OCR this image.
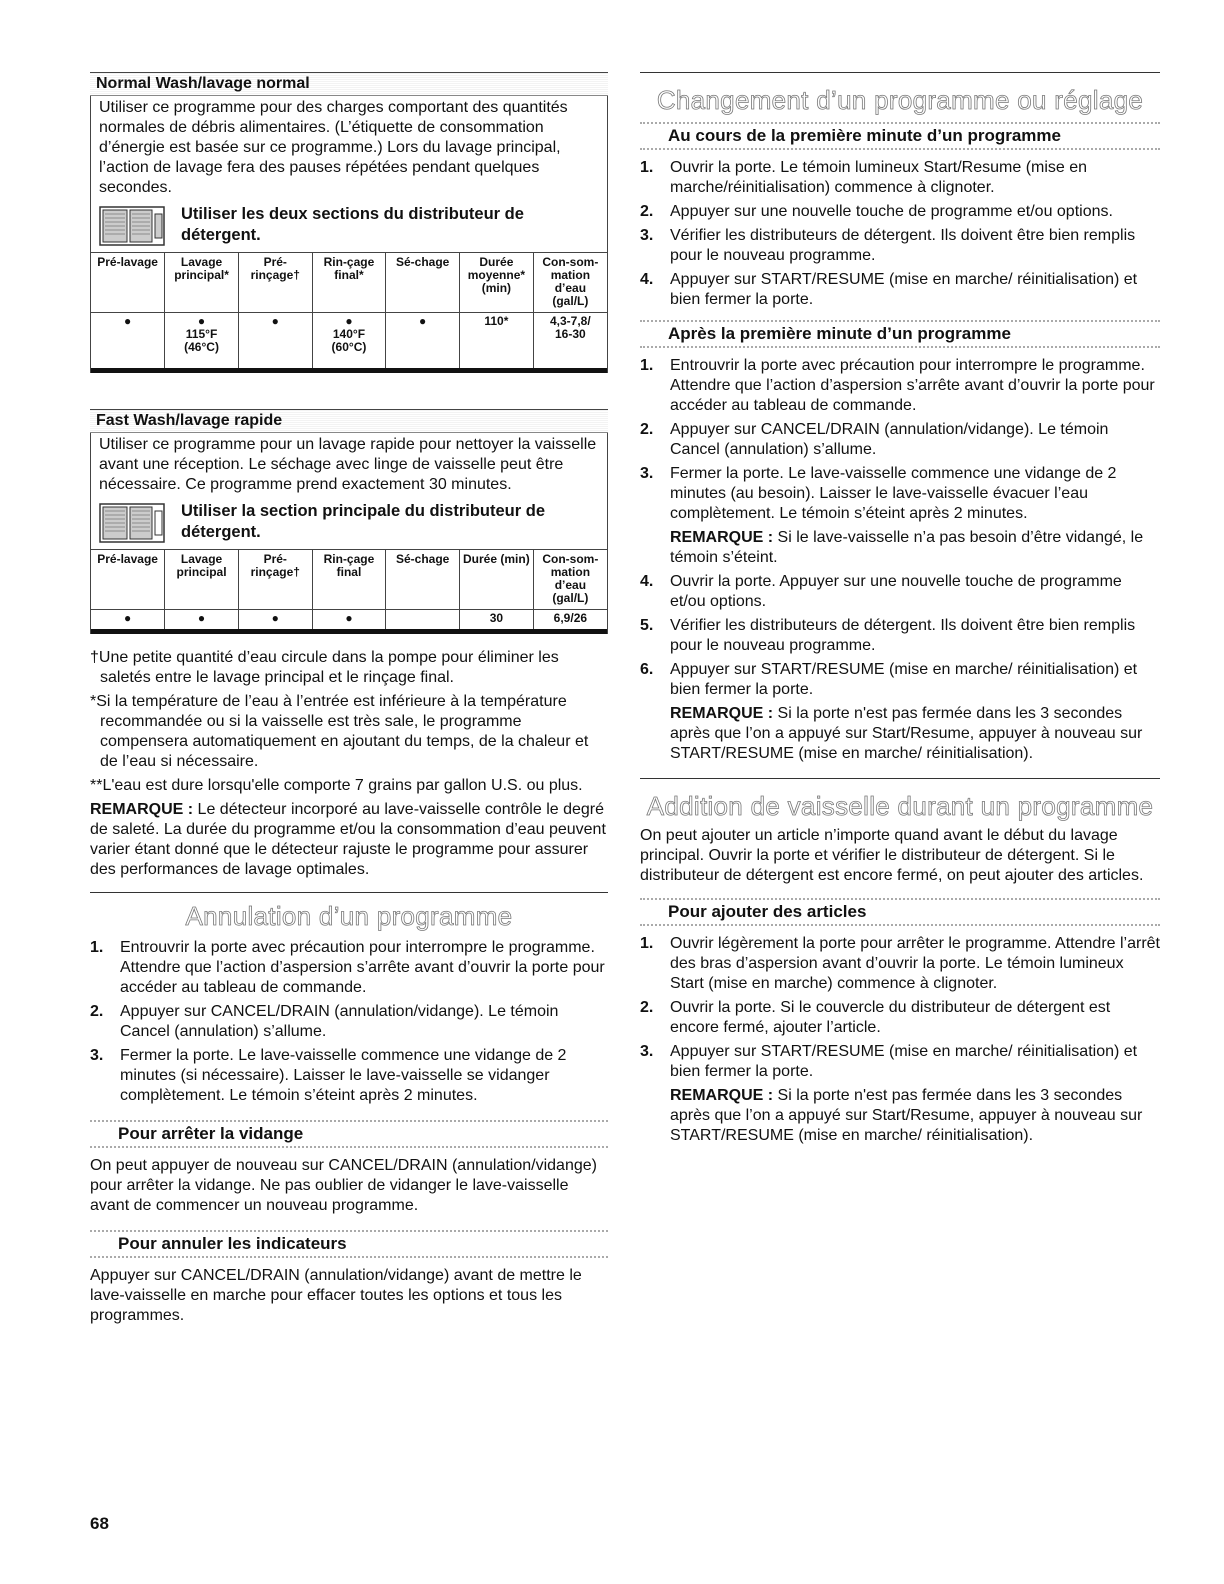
Normal Wash/lavage normal
Utiliser ce programme pour des charges comportant des quantités normales de débris alimentaires. (L’étiquette de consommation d’énergie est basée sur ce programme.) Lors du lavage principal, l’action de lavage fera des pauses répétées pendant quelques secondes.
Utiliser les deux sections du distributeur de détergent.
Pré-lavage	Lavage principal*	Pré-rinçage†	Rin-çage final*	Sé-chage	Durée moyenne* (min)	Con-som-mation d’eau (gal/L)
●	●
115°F
(46°C)	●	●
140°F
(60°C)	●	110*	4,3-7,8/
16-30
Fast Wash/lavage rapide
Utiliser ce programme pour un lavage rapide pour nettoyer la vaisselle avant une réception. Le séchage avec linge de vaisselle peut être nécessaire. Ce programme prend exactement 30 minutes.
Utiliser la section principale du distributeur de détergent.
Pré-lavage	Lavage principal	Pré-rinçage†	Rin-çage final	Sé-chage	Durée (min)	Con-som-mation d’eau (gal/L)
●	●	●	●		30	6,9/26

†Une petite quantité d’eau circule dans la pompe pour éliminer les saletés entre le lavage principal et le rinçage final.

*Si la température de l’eau à l’entrée est inférieure à la température recommandée ou si la vaisselle est très sale, le programme compensera automatiquement en ajoutant du temps, de la chaleur et de l’eau si nécessaire.

**L'eau est dure lorsqu'elle comporte 7 grains par gallon U.S. ou plus.

REMARQUE : Le détecteur incorporé au lave-vaisselle contrôle le degré de saleté. La durée du programme et/ou la consommation d’eau peuvent varier étant donné que le détecteur rajuste le programme pour assurer des performances de lavage optimales.

Annulation d’un programme
1. Entrouvrir la porte avec précaution pour interrompre le programme. Attendre que l’action d’aspersion s’arrête avant d’ouvrir la porte pour accéder au tableau de commande.
2. Appuyer sur CANCEL/DRAIN (annulation/vidange). Le témoin Cancel (annulation) s’allume.
3. Fermer la porte. Le lave-vaisselle commence une vidange de 2 minutes (si nécessaire). Laisser le lave-vaisselle se vidanger complètement. Le témoin s’éteint après 2 minutes.
Pour arrêter la vidange

On peut appuyer de nouveau sur CANCEL/DRAIN (annulation/vidange) pour arrêter la vidange. Ne pas oublier de vidanger le lave-vaisselle avant de commencer un nouveau programme.

Pour annuler les indicateurs

Appuyer sur CANCEL/DRAIN (annulation/vidange) avant de mettre le lave-vaisselle en marche pour effacer toutes les options et tous les programmes.

Changement d’un programme ou réglage
Au cours de la première minute d’un programme
1. Ouvrir la porte. Le témoin lumineux Start/Resume (mise en marche/réinitialisation) commence à clignoter.
2. Appuyer sur une nouvelle touche de programme et/ou options.
3. Vérifier les distributeurs de détergent. Ils doivent être bien remplis pour le nouveau programme.
4. Appuyer sur START/RESUME (mise en marche/ réinitialisation) et bien fermer la porte.
Après la première minute d’un programme
1. Entrouvrir la porte avec précaution pour interrompre le programme. Attendre que l’action d’aspersion s’arrête avant d’ouvrir la porte pour accéder au tableau de commande.
2. Appuyer sur CANCEL/DRAIN (annulation/vidange). Le témoin Cancel (annulation) s’allume.
3. Fermer la porte. Le lave-vaisselle commence une vidange de 2 minutes (au besoin). Laisser le lave-vaisselle évacuer l’eau complètement. Le témoin s’éteint après 2 minutes.
REMARQUE : Si le lave-vaisselle n’a pas besoin d’être vidangé, le témoin s’éteint.
4. Ouvrir la porte. Appuyer sur une nouvelle touche de programme et/ou options.
5. Vérifier les distributeurs de détergent. Ils doivent être bien remplis pour le nouveau programme.
6. Appuyer sur START/RESUME (mise en marche/ réinitialisation) et bien fermer la porte.
REMARQUE : Si la porte n'est pas fermée dans les 3 secondes après que l’on a appuyé sur Start/Resume, appuyer à nouveau sur START/RESUME (mise en marche/ réinitialisation).
Addition de vaisselle durant un programme

On peut ajouter un article n’importe quand avant le début du lavage principal. Ouvrir la porte et vérifier le distributeur de détergent. Si le distributeur de détergent est encore fermé, on peut ajouter des articles.

Pour ajouter des articles
1. Ouvrir légèrement la porte pour arrêter le programme. Attendre l’arrêt des bras d’aspersion avant d’ouvrir la porte. Le témoin lumineux Start (mise en marche) commence à clignoter.
2. Ouvrir la porte. Si le couvercle du distributeur de détergent est encore fermé, ajouter l’article.
3. Appuyer sur START/RESUME (mise en marche/ réinitialisation) et bien fermer la porte.
REMARQUE : Si la porte n'est pas fermée dans les 3 secondes après que l’on a appuyé sur Start/Resume, appuyer à nouveau sur START/RESUME (mise en marche/ réinitialisation).
68
